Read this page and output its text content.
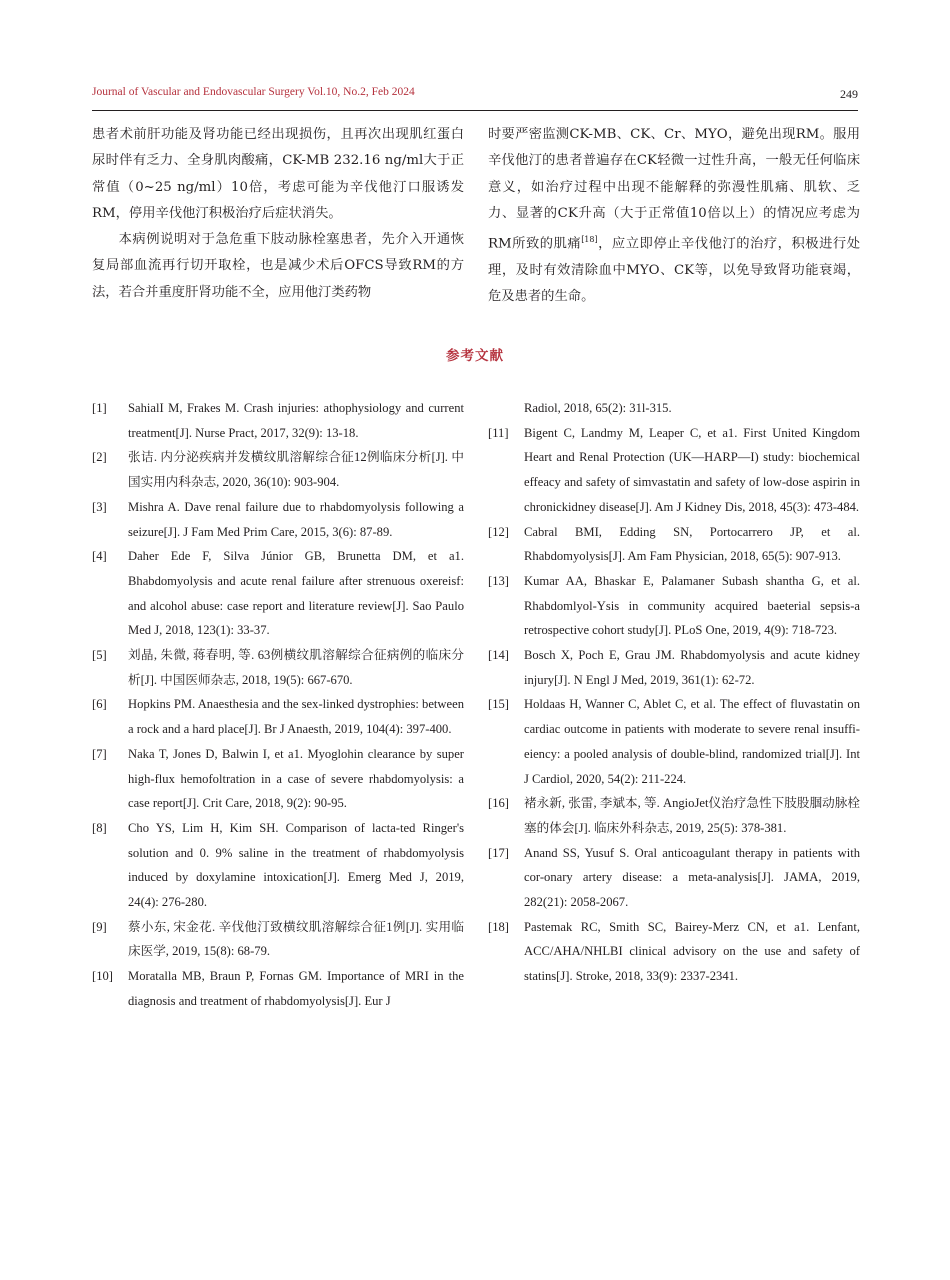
Journal of Vascular and Endovascular Surgery Vol.10, No.2, Feb 2024	249

患者术前肝功能及肾功能已经出现损伤，且再次出现肌红蛋白尿时伴有乏力、全身肌肉酸痛，CK-MB 232.16 ng/ml大于正常值（0~25 ng/ml）10倍，考虑可能为辛伐他汀口服诱发RM，停用辛伐他汀积极治疗后症状消失。

本病例说明对于急危重下肢动脉栓塞患者，先介入开通恢复局部血流再行切开取栓，也是减少术后OFCS导致RM的方法，若合并重度肝肾功能不全，应用他汀类药物

时要严密监测CK-MB、CK、Cr、MYO，避免出现RM。服用辛伐他汀的患者普遍存在CK轻微一过性升高，一般无任何临床意义，如治疗过程中出现不能解释的弥漫性肌痛、肌软、乏力、显著的CK升高（大于正常值10倍以上）的情况应考虑为RM所致的肌痛[18]，应立即停止辛伐他汀的治疗，积极进行处理，及时有效清除血中MYO、CK等，以免导致肾功能衰竭，危及患者的生命。

参考文献
[1]	SahialI M, Frakes M. Crash injuries: athophysiology and current treatment[J]. Nurse Pract, 2017, 32(9): 13-18.
[2]	张诘. 内分泌疾病并发横纹肌溶解综合征12例临床分析[J]. 中国实用内科杂志, 2020, 36(10): 903-904.
[3]	Mishra A. Dave renal failure due to rhabdomyolysis following a seizure[J]. J Fam Med Prim Care, 2015, 3(6): 87-89.
[4]	Daher Ede F, Silva Júnior GB, Brunetta DM, et a1. Bhabdomyolysis and acute renal failure after strenuous oxereisf: and alcohol abuse: case report and literature review[J]. Sao Paulo Med J, 2018, 123(1): 33-37.
[5]	刘晶, 朱微, 蒋春明, 等. 63例横纹肌溶解综合征病例的临床分析[J]. 中国医师杂志, 2018, 19(5): 667-670.
[6]	Hopkins PM. Anaesthesia and the sex-linked dystrophies: between a rock and a hard place[J]. Br J Anaesth, 2019, 104(4): 397-400.
[7]	Naka T, Jones D, Balwin I, et a1. Myoglohin clearance by super high-flux hemofoltration in a case of severe rhabdomyolysis: a case report[J]. Crit Care, 2018, 9(2): 90-95.
[8]	Cho YS, Lim H, Kim SH. Comparison of lacta-ted Ringer's solution and 0. 9% saline in the treatment of rhabdomyolysis induced by doxylamine intoxication[J]. Emerg Med J, 2019, 24(4): 276-280.
[9]	蔡小东, 宋金花. 辛伐他汀致横纹肌溶解综合征1例[J]. 实用临床医学, 2019, 15(8): 68-79.
[10]	Moratalla MB, Braun P, Fornas GM. Importance of MRI in the diagnosis and treatment of rhabdomyolysis[J]. Eur J
Radiol, 2018, 65(2): 31l-315.
[11]	Bigent C, Landmy M, Leaper C, et a1. First United Kingdom Heart and Renal Protection (UK—HARP—I) study: biochemical effeacy and safety of simvastatin and safety of low-dose aspirin in chronickidney disease[J]. Am J Kidney Dis, 2018, 45(3): 473-484.
[12]	Cabral BMI, Edding SN, Portocarrero JP, et al. Rhabdomyolysis[J]. Am Fam Physician, 2018, 65(5): 907-913.
[13]	Kumar AA, Bhaskar E, Palamaner Subash shantha G, et al. Rhabdomlyol-Ysis in community acquired baeterial sepsis-a retrospective cohort study[J]. PLoS One, 2019, 4(9): 718-723.
[14]	Bosch X, Poch E, Grau JM. Rhabdomyolysis and acute kidney injury[J]. N Engl J Med, 2019, 361(1): 62-72.
[15]	Holdaas H, Wanner C, Ablet C, et al. The effect of fluvastatin on cardiac outcome in patients with moderate to severe renal insuffi-eiency: a pooled analysis of double-blind, randomized trial[J]. Int J Cardiol, 2020, 54(2): 211-224.
[16]	褚永新, 张雷, 李斌本, 等. AngioJet仪治疗急性下肢股腘动脉栓塞的体会[J]. 临床外科杂志, 2019, 25(5): 378-381.
[17]	Anand SS, Yusuf S. Oral anticoagulant therapy in patients with cor-onary artery disease: a meta-analysis[J]. JAMA, 2019, 282(21): 2058-2067.
[18]	Pastemak RC, Smith SC, Bairey-Merz CN, et a1. Lenfant, ACC/AHA/NHLBI clinical advisory on the use and safety of statins[J]. Stroke, 2018, 33(9): 2337-2341.
